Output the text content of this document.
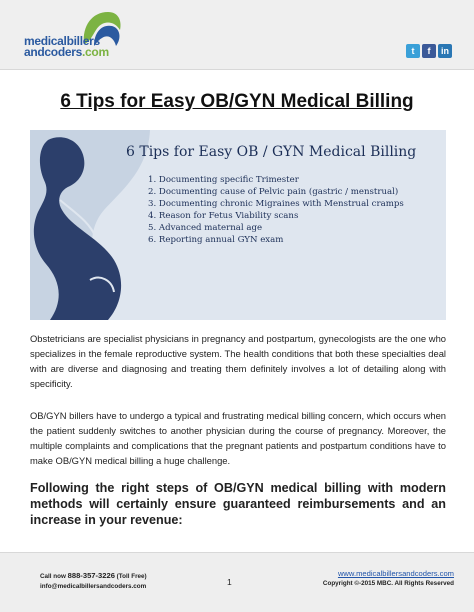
medicalbillers
andcoders.com	t	f	in
6 Tips for Easy OB/GYN Medical Billing
6 Tips for Easy OB / GYN Medical Billing
1. Documenting specific Trimester
2. Documenting cause of Pelvic pain (gastric / menstrual)
3. Documenting chronic Migraines with Menstrual cramps
4. Reason for Fetus Viability scans
5. Advanced maternal age
6. Reporting annual GYN exam

Obstetricians are specialist physicians in pregnancy and postpartum, gynecologists are the one who specializes in the female reproductive system. The health conditions that both these specialties deal with are diverse and diagnosing and treating them definitely involves a lot of detailing along with specificity.

OB/GYN billers have to undergo a typical and frustrating medical billing concern, which occurs when the patient suddenly switches to another physician during the course of pregnancy. Moreover, the multiple complaints and complications that the pregnant patients and postpartum conditions have to make OB/GYN medical billing a huge challenge.

Following the right steps of OB/GYN medical billing with modern methods will certainly ensure guaranteed reimbursements and an increase in your revenue:

Call now 888-357-3226 (Toll Free)
info@medicalbillersandcoders.com	1
www.medicalbillersandcoders.com
Copyright ©-2015 MBC. All Rights Reserved
